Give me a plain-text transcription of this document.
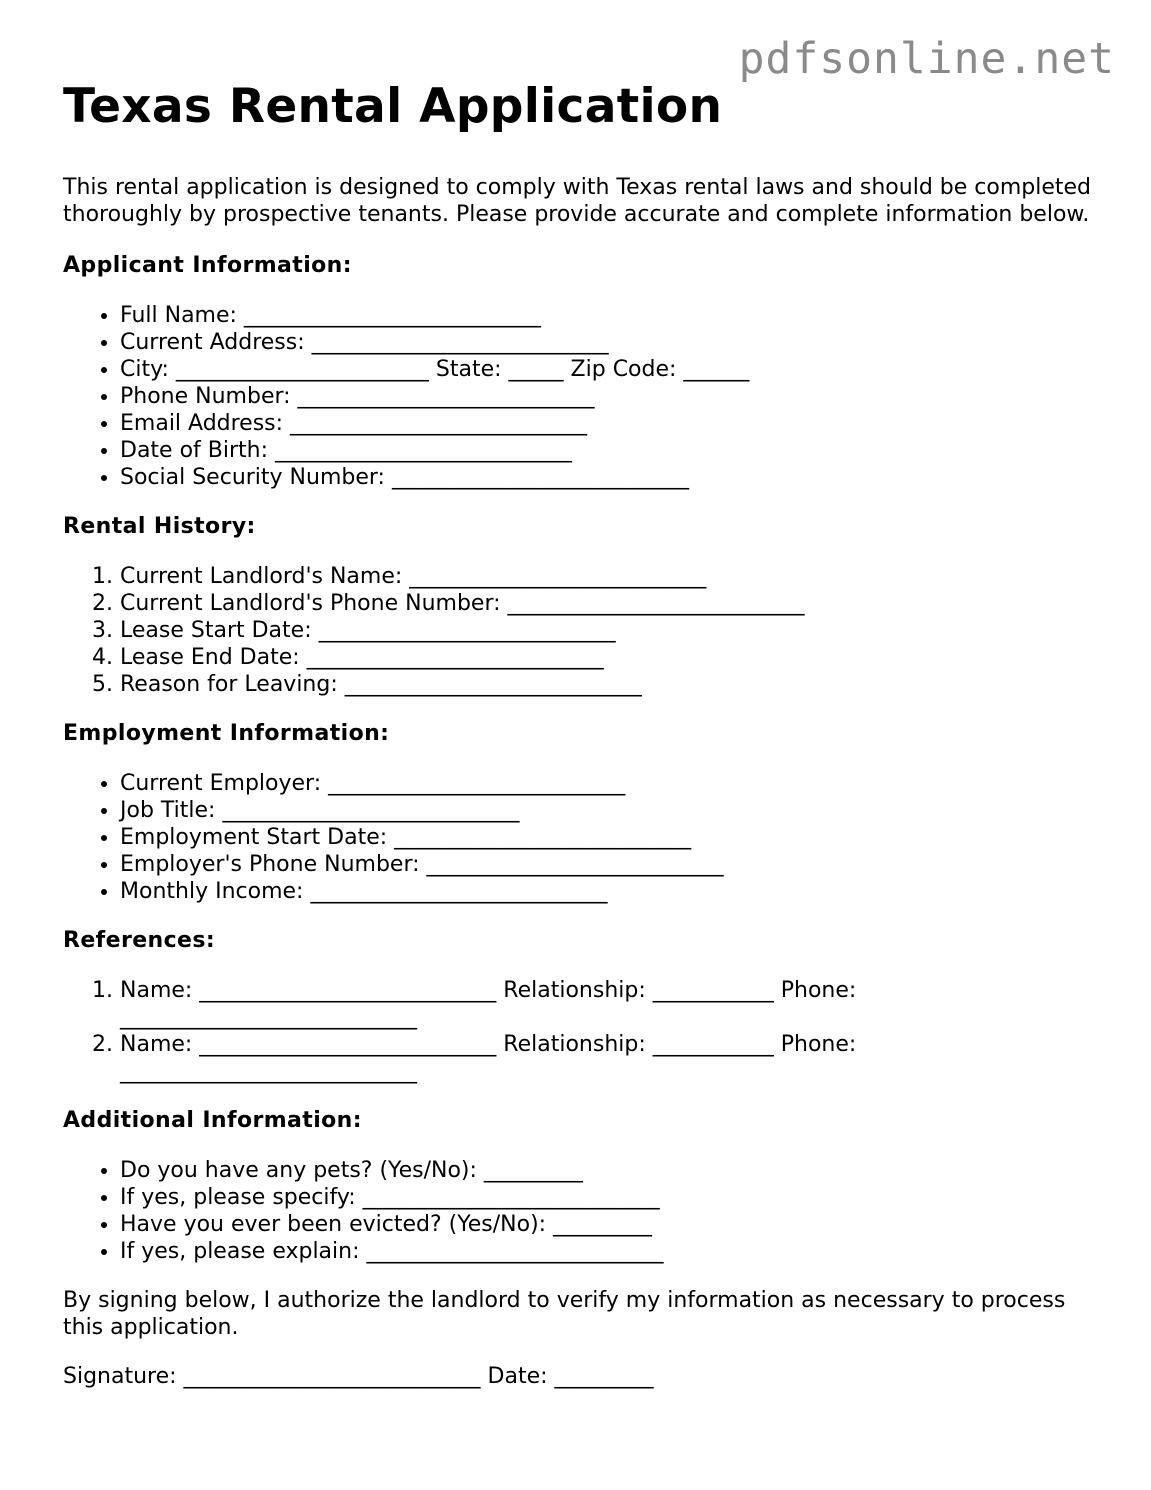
pdfsonline.net
Texas Rental Application

This rental application is designed to comply with Texas rental laws and should be completed thoroughly by prospective tenants. Please provide accurate and complete information below.

Applicant Information:
• Full Name: ___________________________
• Current Address: ___________________________
• City: _______________________ State: _____ Zip Code: ______
• Phone Number: ___________________________
• Email Address: ___________________________
• Date of Birth: ___________________________
• Social Security Number: ___________________________
Rental History:
1. Current Landlord's Name: ___________________________
2. Current Landlord's Phone Number: ___________________________
3. Lease Start Date: ___________________________
4. Lease End Date: ___________________________
5. Reason for Leaving: ___________________________
Employment Information:
• Current Employer: ___________________________
• Job Title: ___________________________
• Employment Start Date: ___________________________
• Employer's Phone Number: ___________________________
• Monthly Income: ___________________________
References:
1. Name: ___________________________ Relationship: ___________ Phone: ___________________________
2. Name: ___________________________ Relationship: ___________ Phone: ___________________________
Additional Information:
• Do you have any pets? (Yes/No): _________
• If yes, please specify: ___________________________
• Have you ever been evicted? (Yes/No): _________
• If yes, please explain: ___________________________

By signing below, I authorize the landlord to verify my information as necessary to process this application.

Signature: ___________________________ Date: _________
